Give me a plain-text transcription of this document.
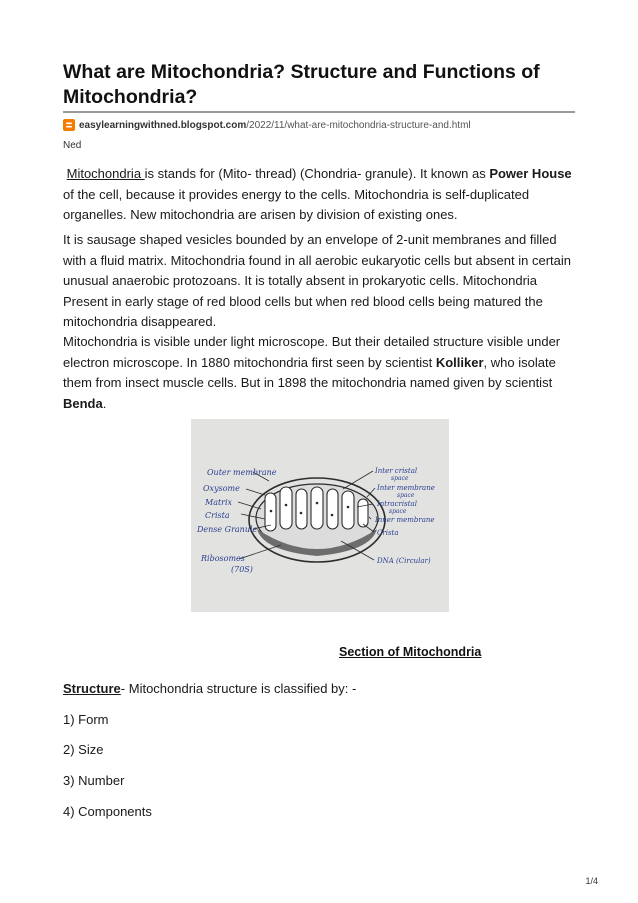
What are Mitochondria? Structure and Functions of Mitochondria?
easylearningwithned.blogspot.com/2022/11/what-are-mitochondria-structure-and.html
Ned

Mitochondria is stands for (Mito- thread) (Chondria- granule). It known as Power House of the cell, because it provides energy to the cells. Mitochondria is self-duplicated organelles. New mitochondria are arisen by division of existing ones.

It is sausage shaped vesicles bounded by an envelope of 2-unit membranes and filled with a fluid matrix. Mitochondria found in all aerobic eukaryotic cells but absent in certain unusual anaerobic protozoans. It is totally absent in prokaryotic cells. Mitochondria Present in early stage of red blood cells but when red blood cells being matured the mitochondria disappeared.

Mitochondria is visible under light microscope. But their detailed structure visible under electron microscope. In 1880 mitochondria first seen by scientist Kolliker, who isolate them from insect muscle cells. But in 1898 the mitochondria named given by scientist Benda.

Outer membrane
Oxysome
Matrix
Crista
Dense Granule
Ribosomes
(70S)
Inter cristal
space
Inter membrane
space
Intracristal
space
Inner membrane
Crista
DNA (Circular)
Section of Mitochondria
Structure- Mitochondria structure is classified by: -
1) Form
2) Size
3) Number
4) Components
1/4
